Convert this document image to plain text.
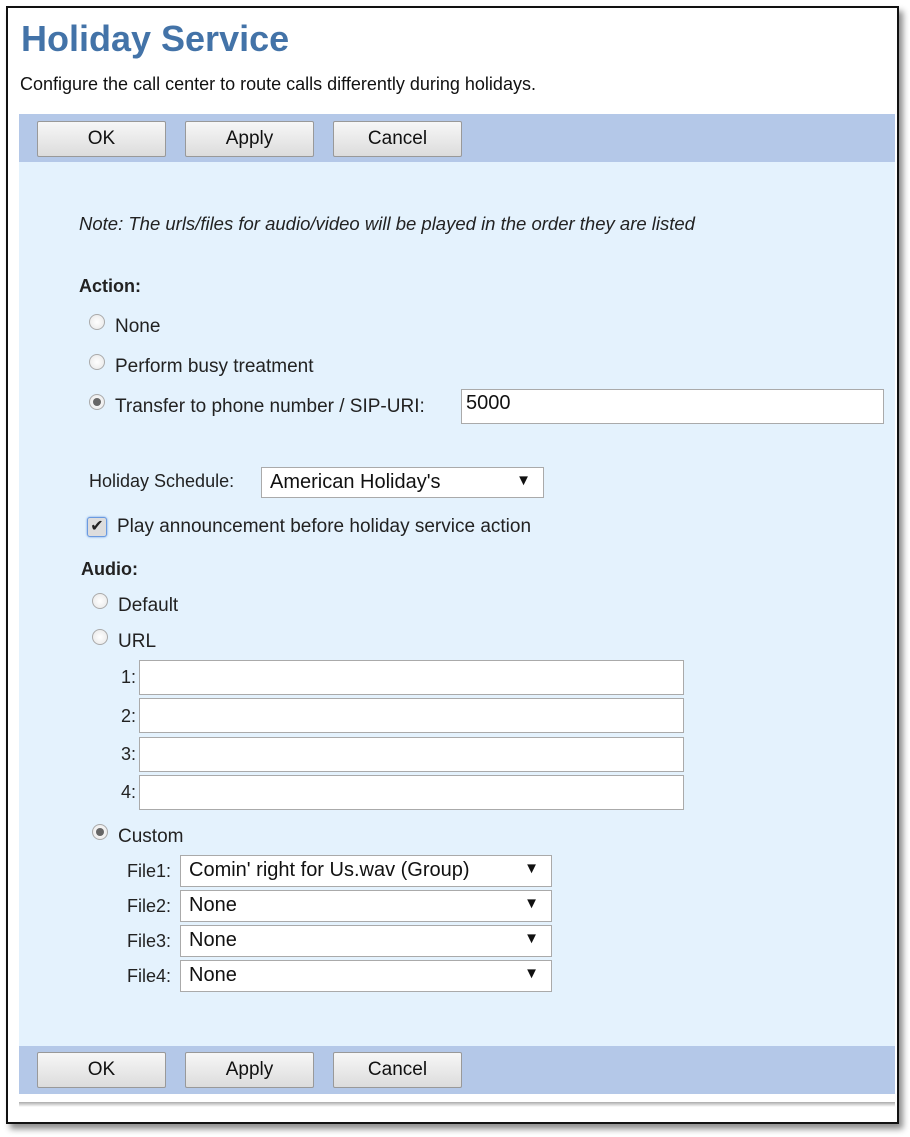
Holiday Service
Configure the call center to route calls differently during holidays.
OK	Apply	Cancel
Note: The urls/files for audio/video will be played in the order they are listed
Action:
None
Perform busy treatment
Transfer to phone number / SIP-URI: 5000
Holiday Schedule:	American Holiday's	▼
✔ Play announcement before holiday service action
Audio:
Default
URL
1:
2:
3:
4:
Custom
File1: Comin' right for Us.wav (Group)	▼
File2: None	▼
File3: None	▼
File4: None	▼
OK	Apply	Cancel
